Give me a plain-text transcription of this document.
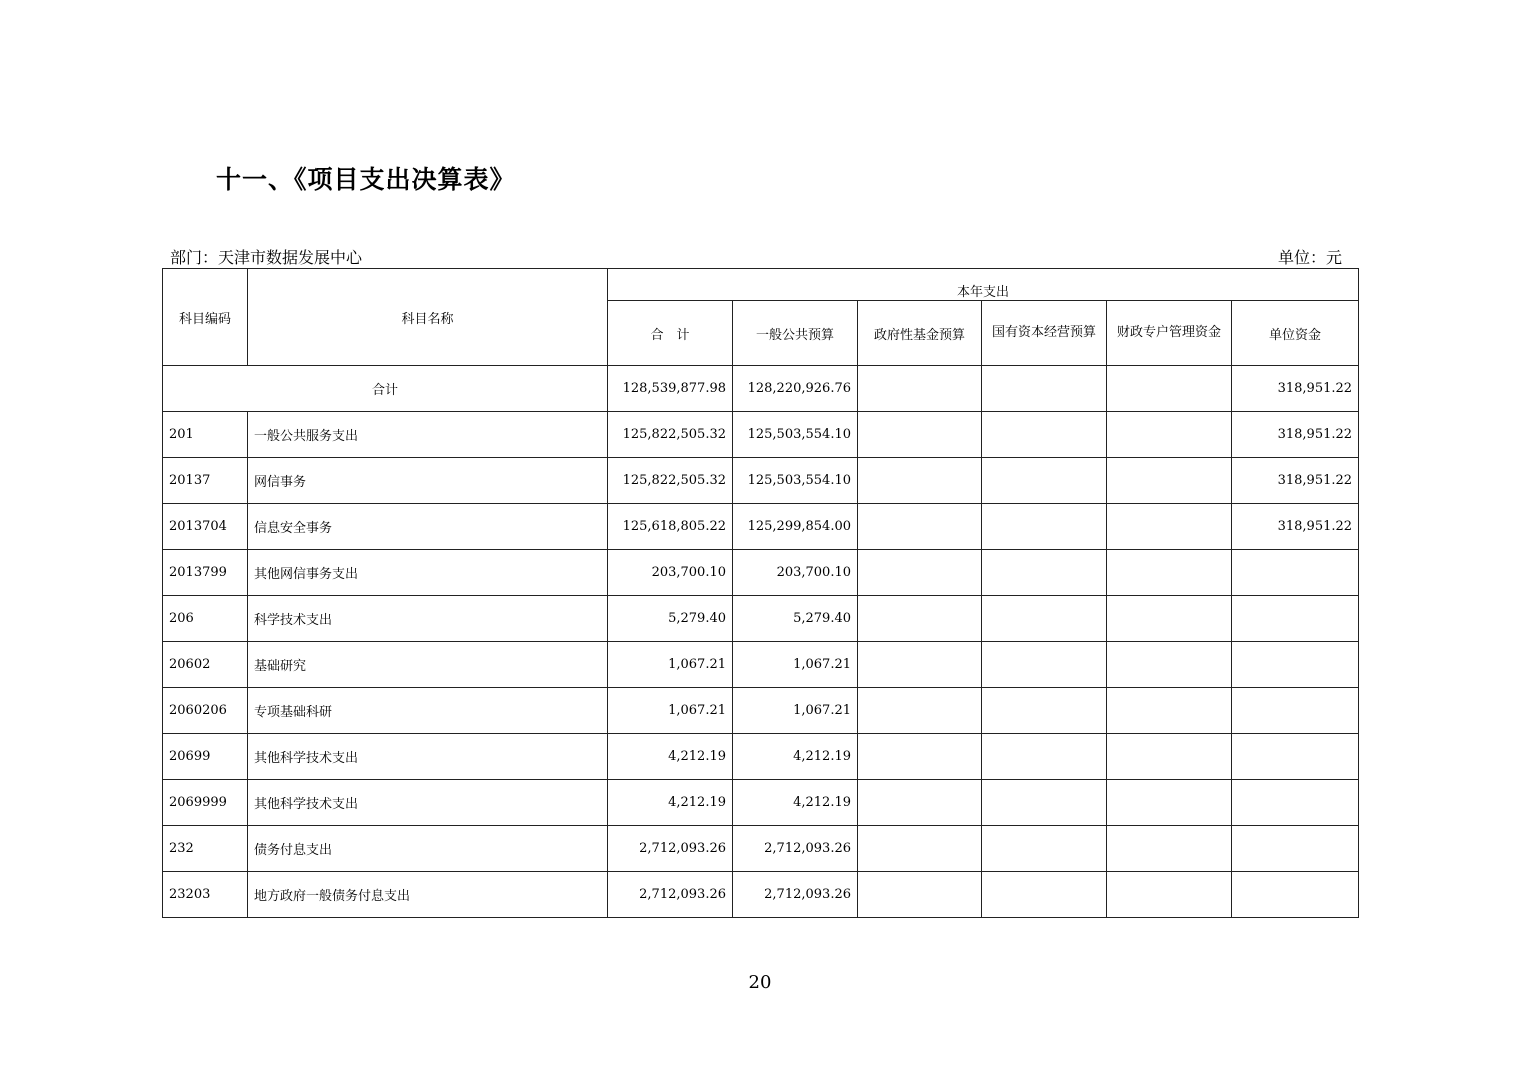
十一、《项目支出决算表》
部门：天津市数据发展中心	单位：元
科目编码	科目名称	本年支出					
		合　计	一般公共预算	政府性基金预算	国有资本经营预算	财政专户管理资金	单位资金
合计		128,539,877.98	128,220,926.76				318,951.22
201	一般公共服务支出	125,822,505.32	125,503,554.10				318,951.22
20137	网信事务	125,822,505.32	125,503,554.10				318,951.22
2013704	信息安全事务	125,618,805.22	125,299,854.00				318,951.22
2013799	其他网信事务支出	203,700.10	203,700.10				
206	科学技术支出	5,279.40	5,279.40				
20602	基础研究	1,067.21	1,067.21				
2060206	专项基础科研	1,067.21	1,067.21				
20699	其他科学技术支出	4,212.19	4,212.19				
2069999	其他科学技术支出	4,212.19	4,212.19				
232	债务付息支出	2,712,093.26	2,712,093.26				
23203	地方政府一般债务付息支出	2,712,093.26	2,712,093.26				
20
